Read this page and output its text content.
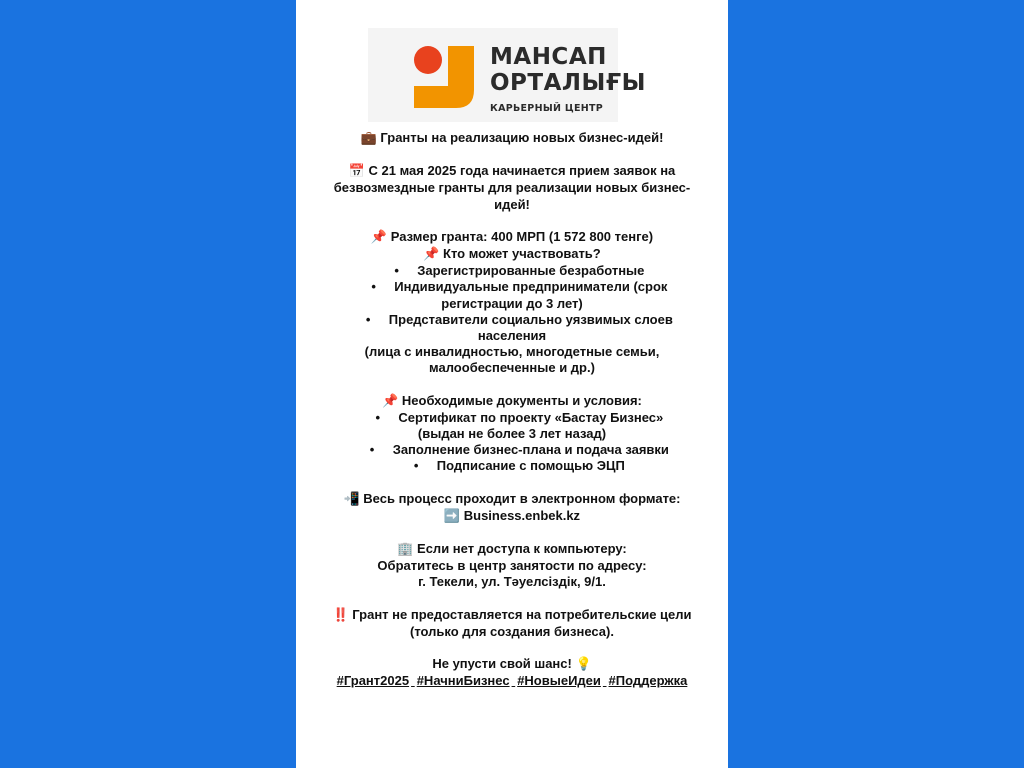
МАНСАП
ОРТАЛЫҒЫ
КАРЬЕРНЫЙ ЦЕНТР
💼 Гранты на реализацию новых бизнес-идей!
📅 С 21 мая 2025 года начинается прием заявок на
безвозмездные гранты для реализации новых бизнес-
идей!
📌 Размер гранта: 400 МРП (1 572 800 тенге)
📌 Кто может участвовать?
• Зарегистрированные безработные
• Индивидуальные предприниматели (срок
регистрации до 3 лет)
• Представители социально уязвимых слоев
населения
(лица с инвалидностью, многодетные семьи,
малообеспеченные и др.)
📌 Необходимые документы и условия:
• Сертификат по проекту «Бастау Бизнес»
(выдан не более 3 лет назад)
• Заполнение бизнес-плана и подача заявки
• Подписание с помощью ЭЦП
📲 Весь процесс проходит в электронном формате:
➡️ Business.enbek.kz
🏢 Если нет доступа к компьютеру:
Обратитесь в центр занятости по адресу:
г. Текели, ул. Тәуелсіздік, 9/1.
‼️ Грант не предоставляется на потребительские цели
(только для создания бизнеса).
Не упусти свой шанс! 💡
#Грант2025 #НачниБизнес #НовыеИдеи #Поддержка
